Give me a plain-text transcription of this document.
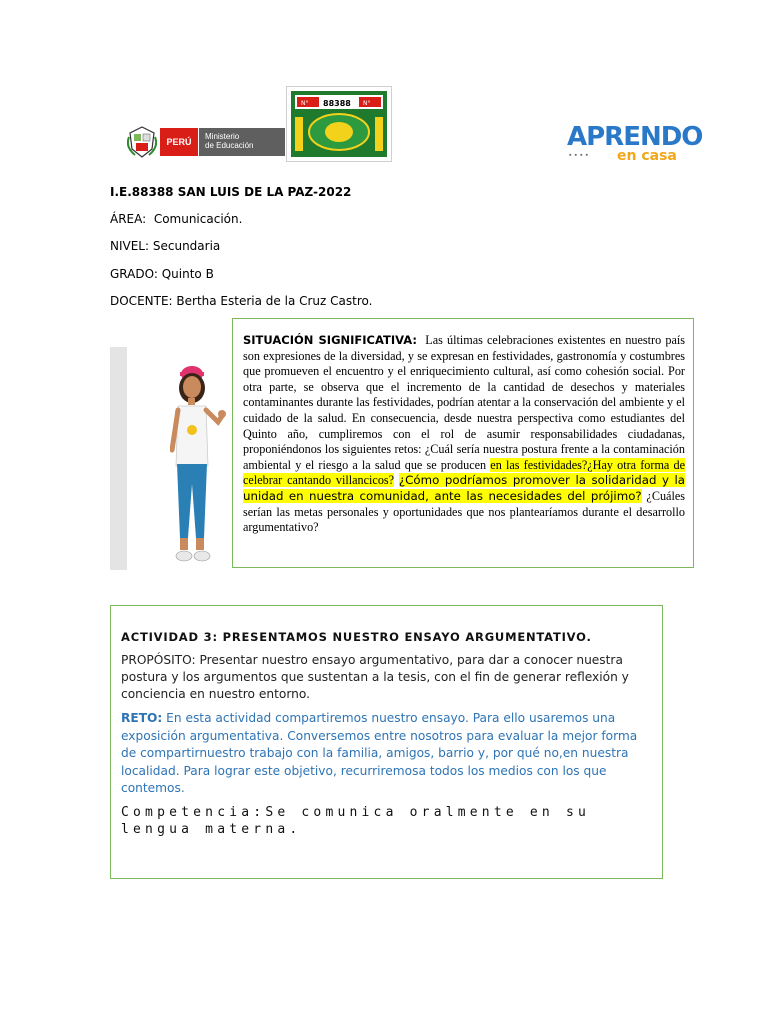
PERÚ
Ministerio
de Educación
N° 88388 N°
APRENDO
▪▪▪▪ en casa
I.E.88388 SAN LUIS DE LA PAZ-2022
ÁREA: Comunicación.
NIVEL: Secundaria
GRADO: Quinto B
DOCENTE: Bertha Esteria de la Cruz Castro.
SITUACIÓN SIGNIFICATIVA: Las últimas celebraciones existentes en nuestro país son expresiones de la diversidad, y se expresan en festividades, gastronomía y costumbres que promueven el encuentro y el enriquecimiento cultural, así como cohesión social. Por otra parte, se observa que el incremento de la cantidad de desechos y materiales contaminantes durante las festividades, podrían atentar a la conservación del ambiente y el cuidado de la salud. En consecuencia, desde nuestra perspectiva como estudiantes del Quinto año, cumpliremos con el rol de asumir responsabilidades ciudadanas, proponiéndonos los siguientes retos: ¿Cuál sería nuestra postura frente a la contaminación ambiental y el riesgo a la salud que se producen en las festividades?¿Hay otra forma de celebrar cantando villancicos? ¿Cómo podríamos promover la solidaridad y la unidad en nuestra comunidad, ante las necesidades del prójimo? ¿Cuáles serían las metas personales y oportunidades que nos plantearíamos durante el desarrollo argumentativo?
ACTIVIDAD 3: PRESENTAMOS NUESTRO ENSAYO ARGUMENTATIVO.
PROPÓSITO: Presentar nuestro ensayo argumentativo, para dar a conocer nuestra postura y los argumentos que sustentan a la tesis, con el fin de generar reflexión y conciencia en nuestro entorno.
RETO: En esta actividad compartiremos nuestro ensayo. Para ello usaremos una exposición argumentativa. Conversemos entre nosotros para evaluar la mejor forma de compartirnuestro trabajo con la familia, amigos, barrio y, por qué no,en nuestra localidad. Para lograr este objetivo, recurriremosa todos los medios con los que contemos.
Competencia:Se comunica oralmente en su lengua materna.
